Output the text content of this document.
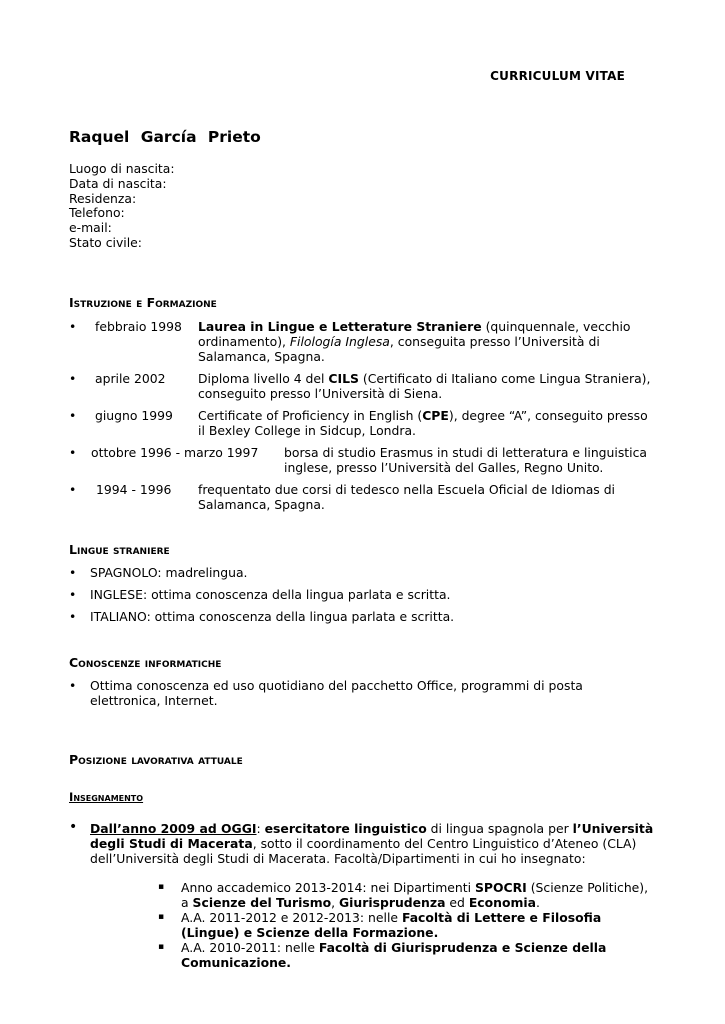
CURRICULUM VITAE
Raquel García Prieto
Luogo di nascita:
Data di nascita:
Residenza:
Telefono:
e-mail:
Stato civile:
Istruzione e Formazione
• febbraio 1998 Laurea in Lingue e Letterature Straniere (quinquennale, vecchio ordinamento), Filología Inglesa, conseguita presso l’Università di Salamanca, Spagna.
• aprile 2002	Diploma livello 4 del CILS (Certificato di Italiano come Lingua Straniera), conseguito presso l’Università di Siena.
• giugno 1999 Certificate of Proficiency in English (CPE), degree “A”, conseguito presso il Bexley College in Sidcup, Londra.
• ottobre 1996 - marzo 1997 borsa di studio Erasmus in studi di letteratura e linguistica inglese, presso l’Università del Galles, Regno Unito.
• 1994 - 1996 frequentato due corsi di tedesco nella Escuela Oficial de Idiomas di Salamanca, Spagna.
Lingue straniere
• SPAGNOLO: madrelingua.
• INGLESE: ottima conoscenza della lingua parlata e scritta.
• ITALIANO: ottima conoscenza della lingua parlata e scritta.
Conoscenze informatiche
• Ottima conoscenza ed uso quotidiano del pacchetto Office, programmi di posta elettronica, Internet.
Posizione lavorativa attuale
Insegnamento
• Dall’anno 2009 ad OGGI: esercitatore linguistico di lingua spagnola per l’Università degli Studi di Macerata, sotto il coordinamento del Centro Linguistico d’Ateneo (CLA) dell’Università degli Studi di Macerata. Facoltà/Dipartimenti in cui ho insegnato:
▪ Anno accademico 2013-2014: nei Dipartimenti SPOCRI (Scienze Politiche), a Scienze del Turismo, Giurisprudenza ed Economia.
▪ A.A. 2011-2012 e 2012-2013: nelle Facoltà di Lettere e Filosofia (Lingue) e Scienze della Formazione.
▪ A.A. 2010-2011: nelle Facoltà di Giurisprudenza e Scienze della Comunicazione.
